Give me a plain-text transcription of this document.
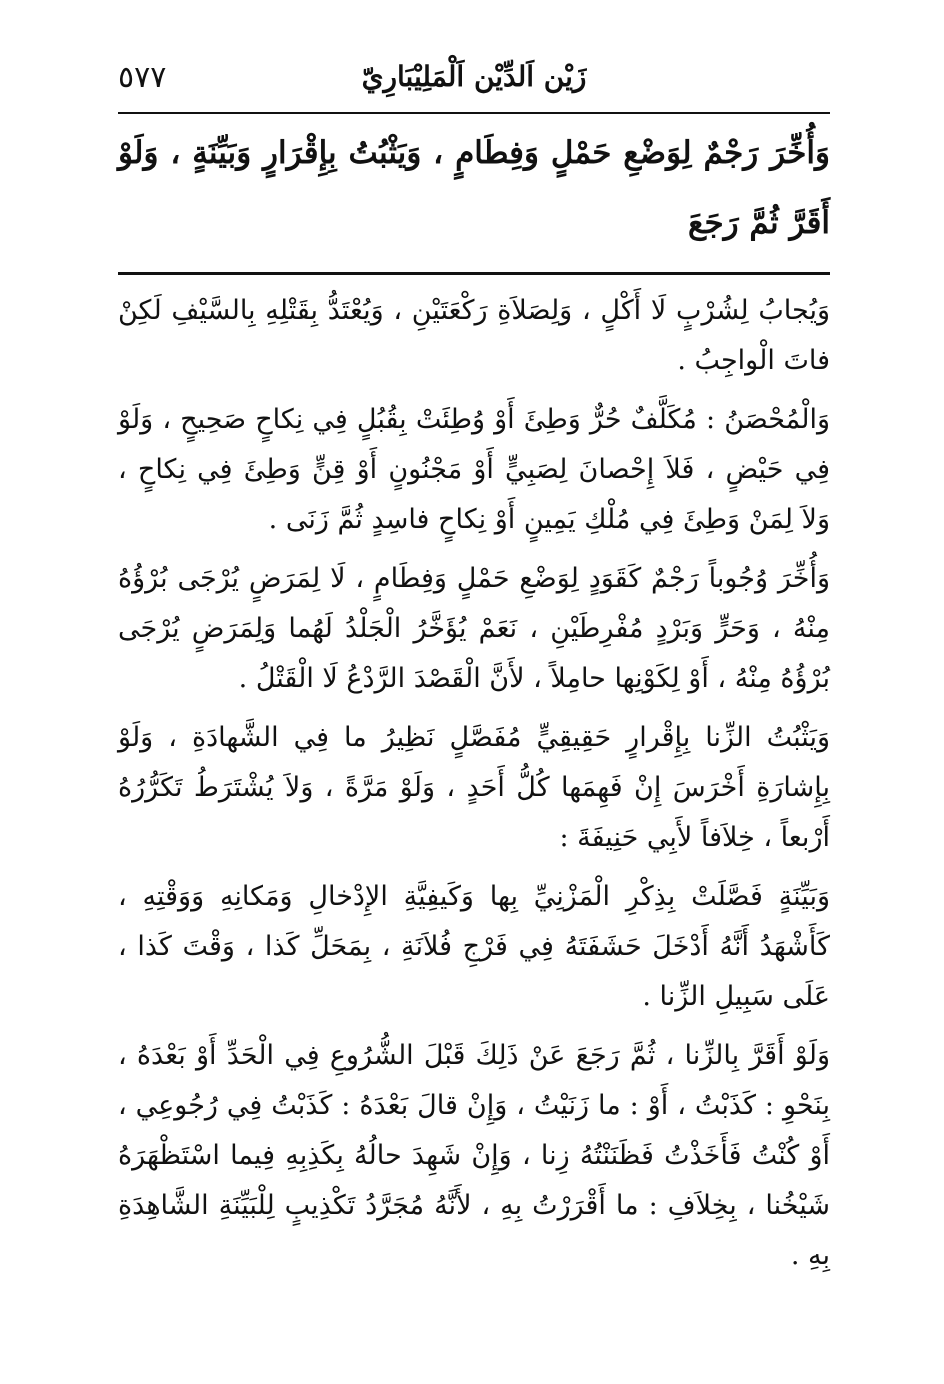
٥٧٧	زَيْن اَلدِّيْن اَلْمَلِيْبَارِيّ
وَأُخِّرَ رَجْمٌ لِوَضْعِ حَمْلٍ وَفِطَامٍ ، وَيَثْبُتُ بِإِقْرَارٍ وَبَيِّنَةٍ ، وَلَوْ أَقَرَّ ثُمَّ رَجَعَ

وَيُجابُ لِشُرْبٍ لَا أَكْلٍ ، وَلِصَلاَةِ رَكْعَتَيْنِ ، وَيُعْتَدُّ بِقَتْلِهِ بِالسَّيْفِ لَكِنْ فاتَ الْواجِبُ .

وَالْمُحْصَنُ : مُكَلَّفٌ حُرٌّ وَطِئَ أَوْ وُطِئَتْ بِقُبُلٍ فِي نِكاحٍ صَحِيحٍ ، وَلَوْ فِي حَيْضٍ ، فَلاَ إِحْصانَ لِصَبِيٍّ أَوْ مَجْنُونٍ أَوْ قِنٍّ وَطِئَ فِي نِكاحٍ ، وَلاَ لِمَنْ وَطِئَ فِي مُلْكِ يَمِينٍ أَوْ نِكاحٍ فاسِدٍ ثُمَّ زَنَى .

وَأُخِّرَ وُجُوباً رَجْمٌ كَقَوَدٍ لِوَضْعِ حَمْلٍ وَفِطَامٍ ، لَا لِمَرَضٍ يُرْجَى بُرْؤُهُ مِنْهُ ، وَحَرٍّ وَبَرْدٍ مُفْرِطَيْنِ ، نَعَمْ يُؤَخَّرُ الْجَلْدُ لَهُما وَلِمَرَضٍ يُرْجَى بُرْؤُهُ مِنْهُ ، أَوْ لِكَوْنِها حامِلاً ، لأَنَّ الْقَصْدَ الرَّدْعُ لَا الْقَتْلُ .

وَيَثْبُتُ الزِّنا بِإِقْرارٍ حَقِيقِيٍّ مُفَصَّلٍ نَظِيرُ ما فِي الشَّهادَةِ ، وَلَوْ بِإِشارَةِ أَخْرَسَ إِنْ فَهِمَها كُلُّ أَحَدٍ ، وَلَوْ مَرَّةً ، وَلاَ يُشْتَرَطُ تَكَرُّرُهُ أَرْبعاً ، خِلاَفاً لأَبِي حَنِيفَةَ :

وَبَيِّنَةٍ فَصَّلَتْ بِذِكْرِ الْمَزْنِيِّ بِها وَكَيفِيَّةِ الإِدْخالِ وَمَكانِهِ وَوَقْتِهِ ، كَأَشْهَدُ أَنَّهُ أَدْخَلَ حَشَفَتَهُ فِي فَرْجِ فُلاَنَةِ ، بِمَحَلِّ كَذا ، وَقْتَ كَذا ، عَلَى سَبِيلِ الزِّنا .

وَلَوْ أَقَرَّ بِالزِّنا ، ثُمَّ رَجَعَ عَنْ ذَلِكَ قَبْلَ الشُّرُوعِ فِي الْحَدِّ أَوْ بَعْدَهُ ، بِنَحْوِ : كَذَبْتُ ، أَوْ : ما زَنَيْتُ ، وَإِنْ قالَ بَعْدَهُ : كَذَبْتُ فِي رُجُوعِي ، أَوْ كُنْتُ فَأَخَذْتُ فَظَنَنْتُهُ زِنا ، وَإِنْ شَهِدَ حالُهُ بِكَذِبِهِ فِيما اسْتَظْهَرَهُ شَيْخُنا ، بِخِلاَفِ : ما أَقْرَرْتُ بِهِ ، لأَنَّهُ مُجَرَّدُ تَكْذِيبٍ لِلْبَيِّنَةِ الشَّاهِدَةِ بِهِ .
